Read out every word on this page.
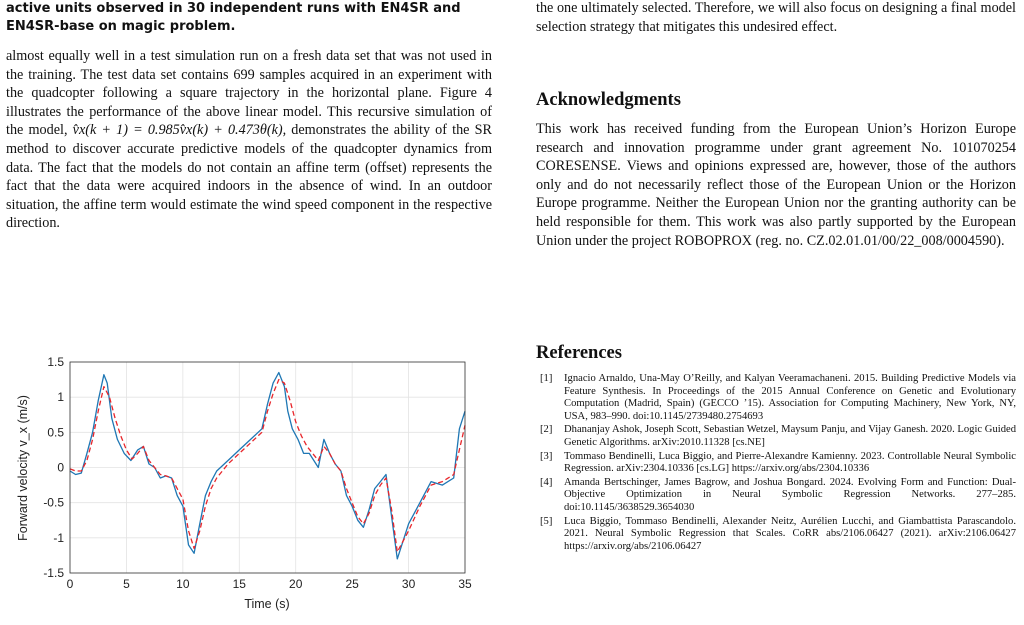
active units observed in 30 independent runs with EN4SR and
EN4SR-base on magic problem.

almost equally well in a test simulation run on a fresh data set that was not used in the training. The test data set contains 699 samples acquired in an experiment with the quadcopter following a square trajectory in the horizontal plane. Figure 4 illustrates the performance of the above linear model. This recursive simulation of the model, v̂x(k + 1) = 0.985v̂x(k) + 0.473θ(k), demonstrates the ability of the SR method to discover accurate predictive models of the quadcopter dynamics from data. The fact that the models do not contain an affine term (offset) represents the fact that the data were acquired indoors in the absence of wind. In an outdoor situation, the affine term would estimate the wind speed component in the respective direction.

-1.5
-1
-0.5
0
0.5
1
1.5
0	5	10	15	20	25	30	35
Time (s)
Forward velocity v_x (m/s)

the one ultimately selected. Therefore, we will also focus on designing a final model selection strategy that mitigates this undesired effect.

Acknowledgments

This work has received funding from the European Union’s Horizon Europe research and innovation programme under grant agreement No. 101070254 CORESENSE. Views and opinions expressed are, however, those of the authors only and do not necessarily reflect those of the European Union or the Horizon Europe programme. Neither the European Union nor the granting authority can be held responsible for them. This work was also partly supported by the European Union under the project ROBOPROX (reg. no. CZ.02.01.01/00/22_008/0004590).

References
[1] Ignacio Arnaldo, Una-May O’Reilly, and Kalyan Veeramachaneni. 2015. Building Predictive Models via Feature Synthesis. In Proceedings of the 2015 Annual Conference on Genetic and Evolutionary Computation (Madrid, Spain) (GECCO ’15). Association for Computing Machinery, New York, NY, USA, 983–990. doi:10.1145/2739480.2754693
[2] Dhananjay Ashok, Joseph Scott, Sebastian Wetzel, Maysum Panju, and Vijay Ganesh. 2020. Logic Guided Genetic Algorithms. arXiv:2010.11328 [cs.NE]
[3] Tommaso Bendinelli, Luca Biggio, and Pierre-Alexandre Kamienny. 2023. Controllable Neural Symbolic Regression. arXiv:2304.10336 [cs.LG] https://arxiv.org/abs/2304.10336
[4] Amanda Bertschinger, James Bagrow, and Joshua Bongard. 2024. Evolving Form and Function: Dual-Objective Optimization in Neural Symbolic Regression Networks. 277–285. doi:10.1145/3638529.3654030
[5] Luca Biggio, Tommaso Bendinelli, Alexander Neitz, Aurélien Lucchi, and Giambattista Parascandolo. 2021. Neural Symbolic Regression that Scales. CoRR abs/2106.06427 (2021). arXiv:2106.06427 https://arxiv.org/abs/2106.06427
